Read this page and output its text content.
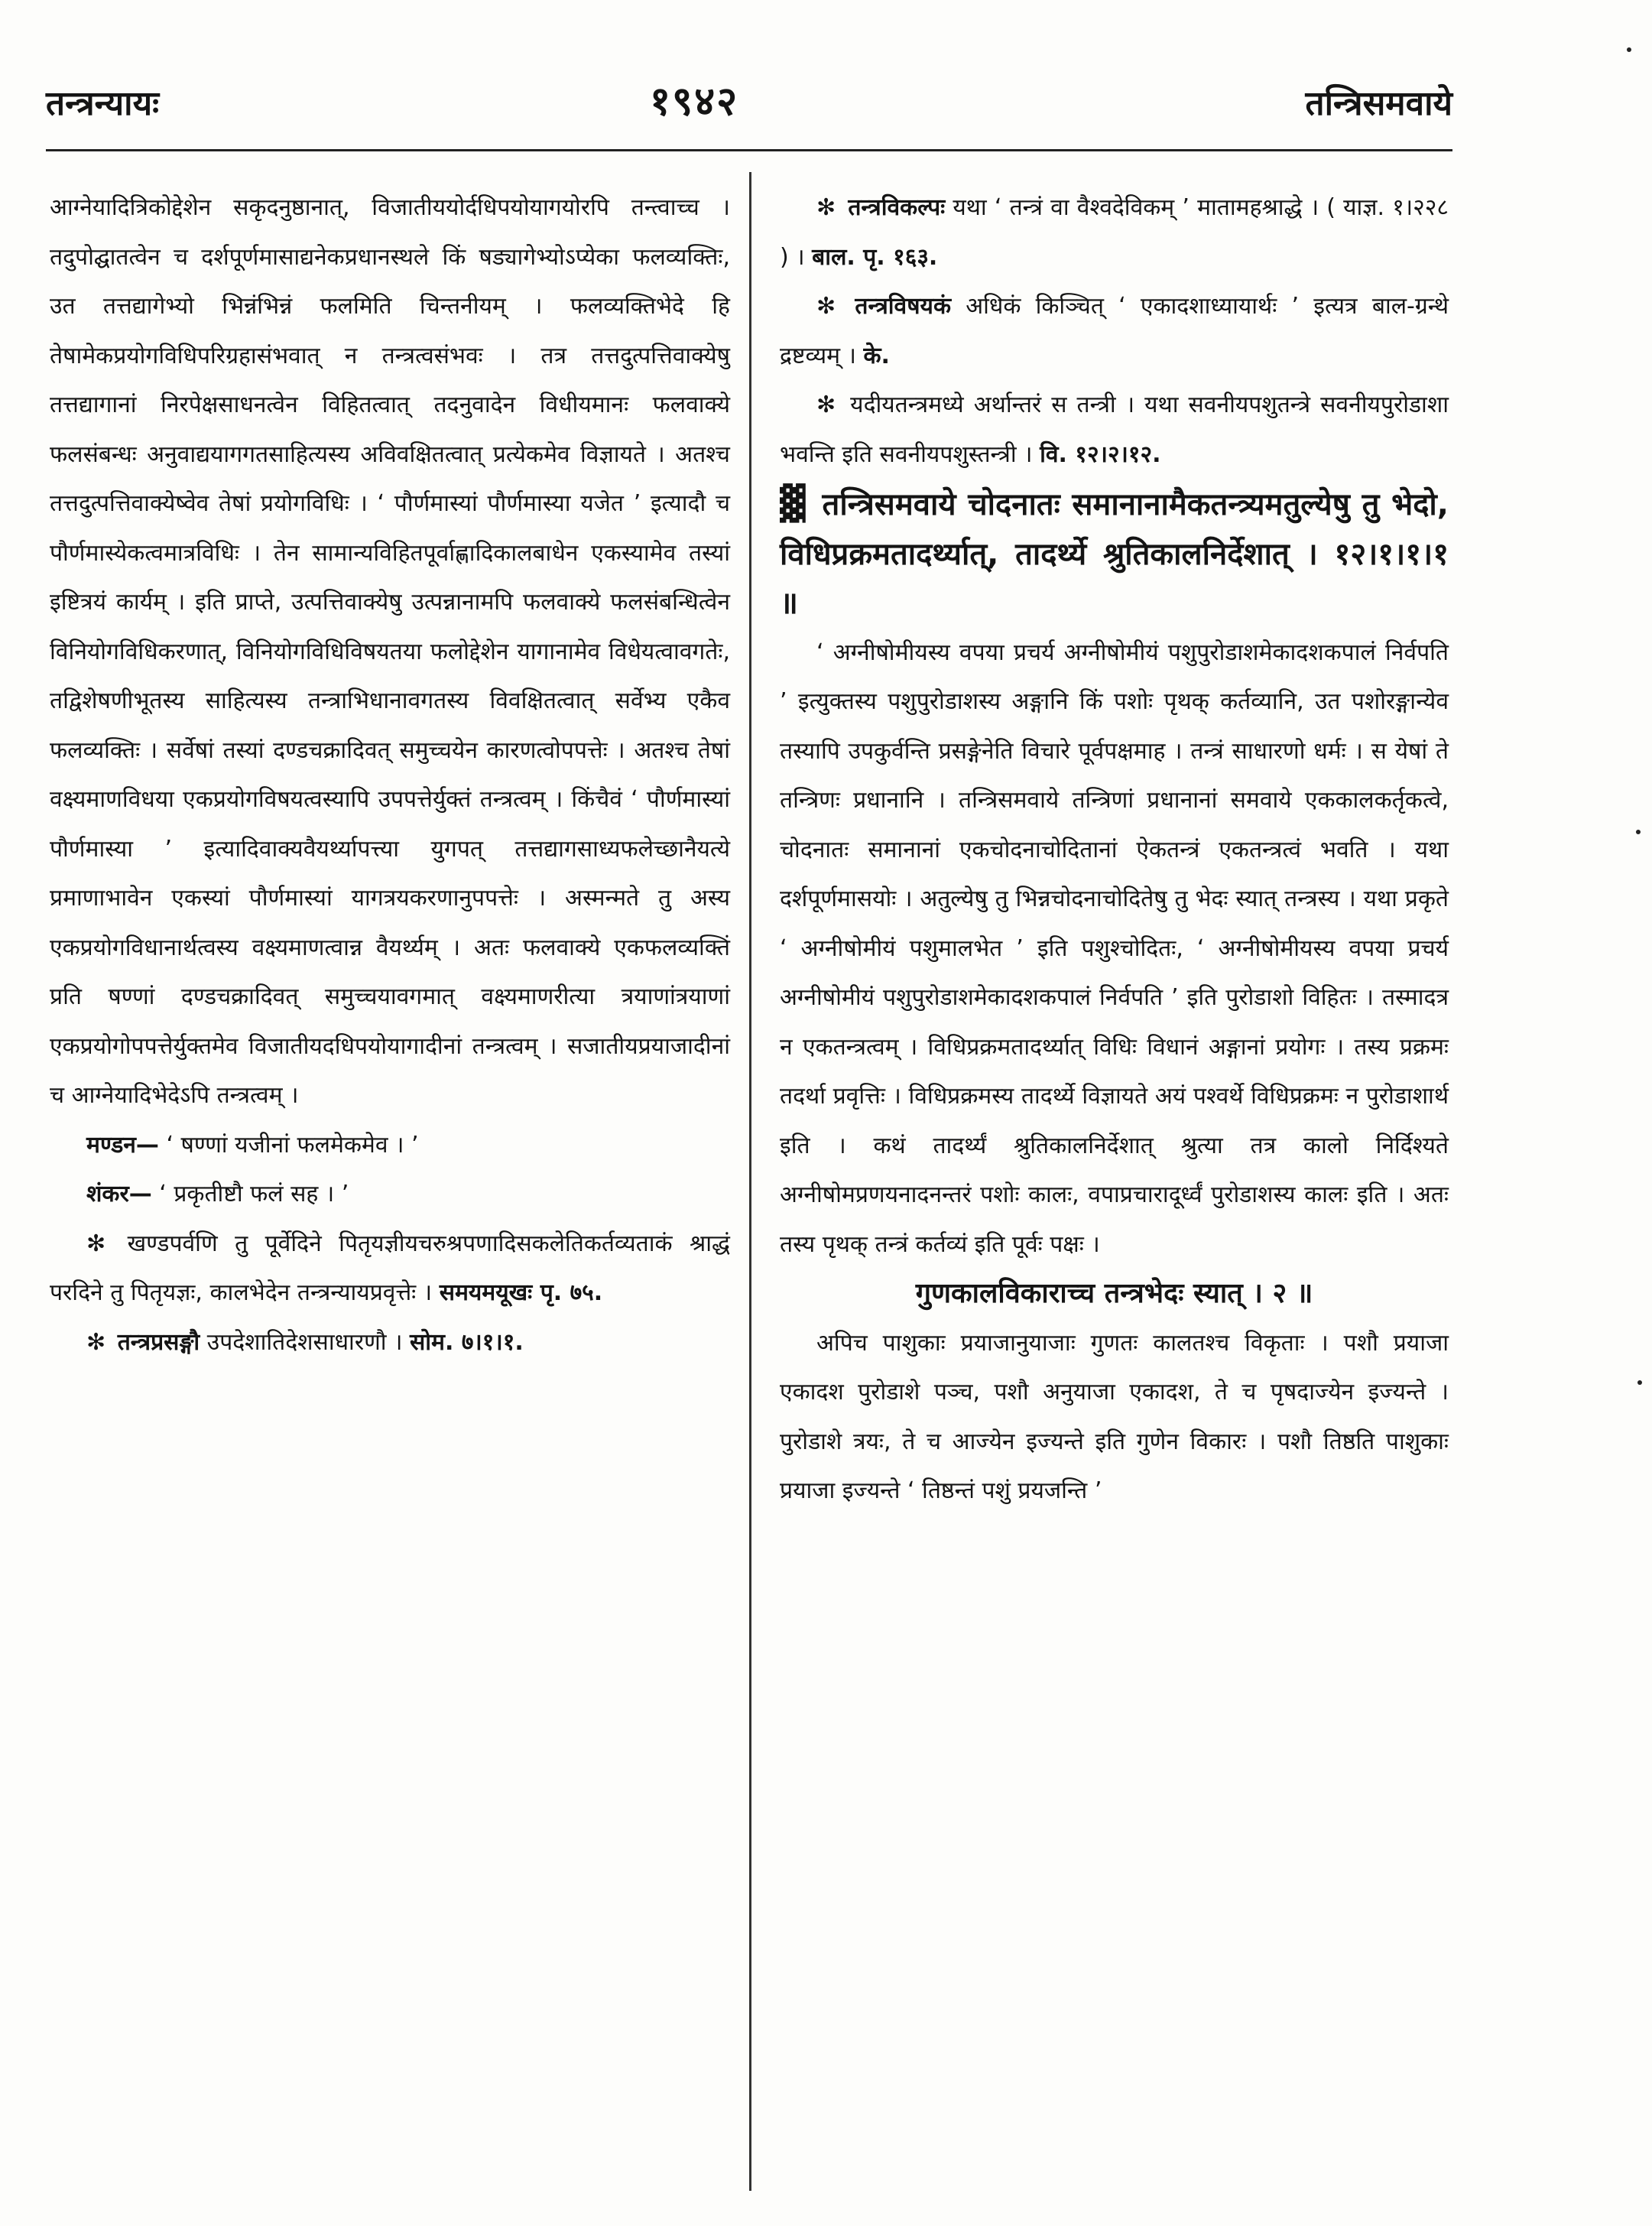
तन्त्रन्यायः	१९४२	तन्त्रिसमवाये

आग्नेयादित्रिकोद्देशेन सकृदनुष्ठानात्, विजातीययोर्दधिपयोयागयोरपि तन्त्वाच्च । तदुपोद्घातत्वेन च दर्शपूर्णमासाद्यनेकप्रधानस्थले किं षड्यागेभ्योऽप्येका फलव्यक्तिः, उत तत्तद्यागेभ्यो भिन्नंभिन्नं फलमिति चिन्तनीयम् । फलव्यक्तिभेदे हि तेषामेकप्रयोगविधिपरिग्रहासंभवात् न तन्त्रत्वसंभवः । तत्र तत्तदुत्पत्तिवाक्येषु तत्तद्यागानां निरपेक्षसाधनत्वेन विहितत्वात् तदनुवादेन विधीयमानः फलवाक्ये फलसंबन्धः अनुवाद्ययागगतसाहित्यस्य अविवक्षितत्वात् प्रत्येकमेव विज्ञायते । अतश्च तत्तदुत्पत्तिवाक्येष्वेव तेषां प्रयोगविधिः । ‘ पौर्णमास्यां पौर्णमास्या यजेत ’ इत्यादौ च पौर्णमास्येकत्वमात्रविधिः । तेन सामान्यविहितपूर्वाह्णादिकालबाधेन एकस्यामेव तस्यां इष्टित्रयं कार्यम् । इति प्राप्ते, उत्पत्तिवाक्येषु उत्पन्नानामपि फलवाक्ये फलसंबन्धित्वेन विनियोगविधिकरणात्, विनियोगविधिविषयतया फलोद्देशेन यागानामेव विधेयत्वावगतेः, तद्विशेषणीभूतस्य साहित्यस्य तन्त्राभिधानावगतस्य विवक्षितत्वात् सर्वेभ्य एकैव फलव्यक्तिः । सर्वेषां तस्यां दण्डचक्रादिवत् समुच्चयेन कारणत्वोपपत्तेः । अतश्च तेषां वक्ष्यमाणविधया एकप्रयोगविषयत्वस्यापि उपपत्तेर्युक्तं तन्त्रत्वम् । किंचैवं ‘ पौर्णमास्यां पौर्णमास्या ’ इत्यादिवाक्यवैयर्थ्यापत्त्या युगपत् तत्तद्यागसाध्यफलेच्छानैयत्ये प्रमाणाभावेन एकस्यां पौर्णमास्यां यागत्रयकरणानुपपत्तेः । अस्मन्मते तु अस्य एकप्रयोगविधानार्थत्वस्य वक्ष्यमाणत्वान्न वैयर्थ्यम् । अतः फलवाक्ये एकफलव्यक्तिं प्रति षण्णां दण्डचक्रादिवत् समुच्चयावगमात् वक्ष्यमाणरीत्या त्रयाणांत्रयाणां एकप्रयोगोपपत्तेर्युक्तमेव विजातीयदधिपयोयागादीनां तन्त्रत्वम् । सजातीयप्रयाजादीनां च आग्नेयादिभेदेऽपि तन्त्रत्वम् ।

मण्डन— ‘ षण्णां यजीनां फलमेकमेव । ’

शंकर— ‘ प्रकृतीष्टौ फलं सह । ’

✻ खण्डपर्वणि तु पूर्वेदिने पितृयज्ञीयचरुश्रपणादिसकलेतिकर्तव्यताकं श्राद्धं परदिने तु पितृयज्ञः, कालभेदेन तन्त्रन्यायप्रवृत्तेः । समयमयूखः पृ. ७५.

✻ तन्त्रप्रसङ्गौ उपदेशातिदेशसाधारणौ । सोम. ७।१।१.

✻ तन्त्रविकल्पः यथा ‘ तन्त्रं वा वैश्वदेविकम् ’ मातामहश्राद्धे । ( याज्ञ. १।२२८ ) । बाल. पृ. १६३.

✻ तन्त्रविषयकं अधिकं किञ्चित् ‘ एकादशाध्यायार्थः ’ इत्यत्र बाल-ग्रन्थे द्रष्टव्यम् । के.

✻ यदीयतन्त्रमध्ये अर्थान्तरं स तन्त्री । यथा सवनीयपशुतन्त्रे सवनीयपुरोडाशा भवन्ति इति सवनीयपशुस्तन्त्री । वि. १२।२।१२.

▓ तन्त्रिसमवाये चोदनातः समानानामैकतन्त्र्यमतुल्येषु तु भेदो, विधिप्रक्रमतादर्थ्यात्, तादर्थ्ये श्रुतिकालनिर्देशात् । १२।१।१।१ ॥

‘ अग्नीषोमीयस्य वपया प्रचर्य अग्नीषोमीयं पशुपुरोडाशमेकादशकपालं निर्वपति ’ इत्युक्तस्य पशुपुरोडाशस्य अङ्गानि किं पशोः पृथक् कर्तव्यानि, उत पशोरङ्गान्येव तस्यापि उपकुर्वन्ति प्रसङ्गेनेति विचारे पूर्वपक्षमाह । तन्त्रं साधारणो धर्मः । स येषां ते तन्त्रिणः प्रधानानि । तन्त्रिसमवाये तन्त्रिणां प्रधानानां समवाये एककालकर्तृकत्वे, चोदनातः समानानां एकचोदनाचोदितानां ऐकतन्त्रं एकतन्त्रत्वं भवति । यथा दर्शपूर्णमासयोः । अतुल्येषु तु भिन्नचोदनाचोदितेषु तु भेदः स्यात् तन्त्रस्य । यथा प्रकृते ‘ अग्नीषोमीयं पशुमालभेत ’ इति पशुश्चोदितः, ‘ अग्नीषोमीयस्य वपया प्रचर्य अग्नीषोमीयं पशुपुरोडाशमेकादशकपालं निर्वपति ’ इति पुरोडाशो विहितः । तस्मादत्र न एकतन्त्रत्वम् । विधिप्रक्रमतादर्थ्यात् विधिः विधानं अङ्गानां प्रयोगः । तस्य प्रक्रमः तदर्था प्रवृत्तिः । विधिप्रक्रमस्य तादर्थ्ये विज्ञायते अयं पश्वर्थे विधिप्रक्रमः न पुरोडाशार्थ इति । कथं तादर्थ्यं श्रुतिकालनिर्देशात् श्रुत्या तत्र कालो निर्दिश्यते अग्नीषोमप्रणयनादनन्तरं पशोः कालः, वपाप्रचारादूर्ध्वं पुरोडाशस्य कालः इति । अतः तस्य पृथक् तन्त्रं कर्तव्यं इति पूर्वः पक्षः ।

गुणकालविकाराच्च तन्त्रभेदः स्यात् । २ ॥

अपिच पाशुकाः प्रयाजानुयाजाः गुणतः कालतश्च विकृताः । पशौ प्रयाजा एकादश पुरोडाशे पञ्च, पशौ अनुयाजा एकादश, ते च पृषदाज्येन इज्यन्ते । पुरोडाशे त्रयः, ते च आज्येन इज्यन्ते इति गुणेन विकारः । पशौ तिष्ठति पाशुकाः प्रयाजा इज्यन्ते ‘ तिष्ठन्तं पशुं प्रयजन्ति ’
